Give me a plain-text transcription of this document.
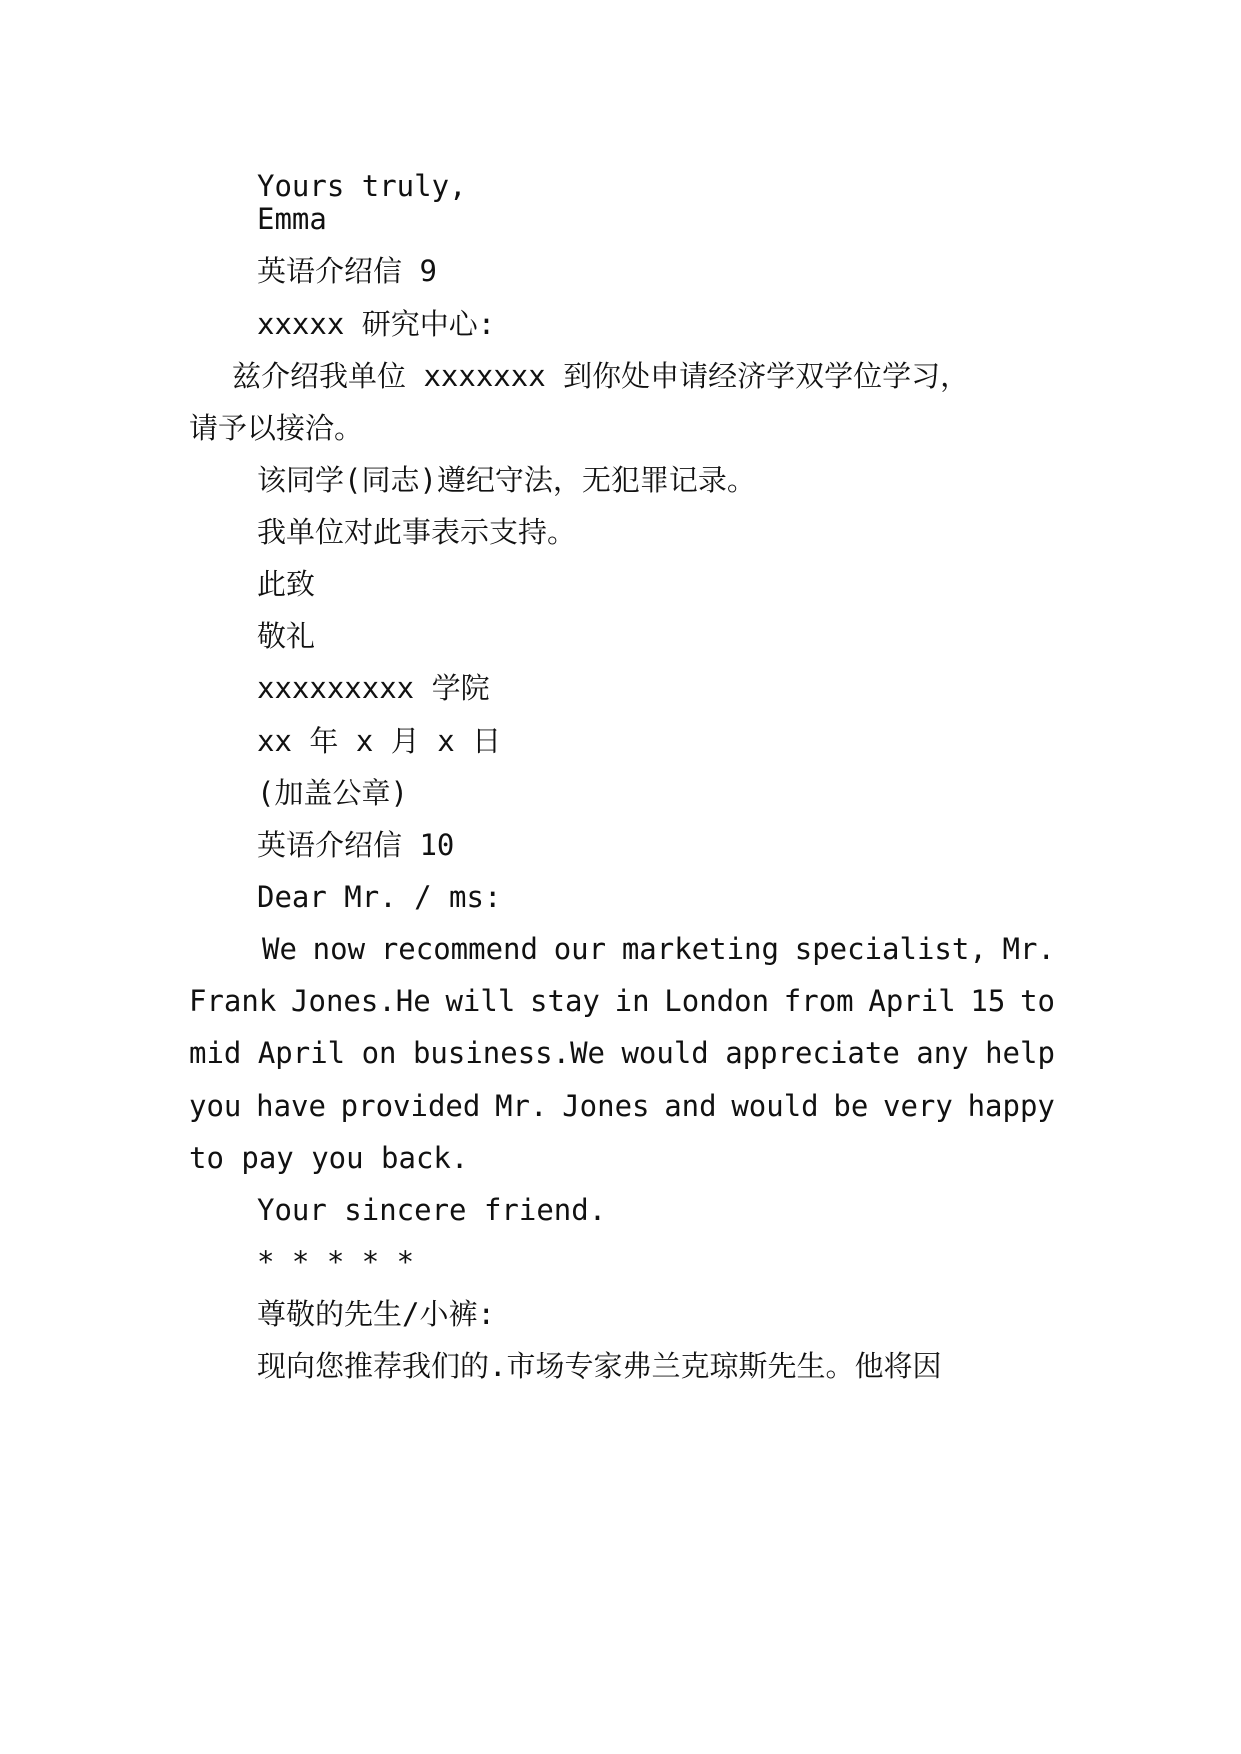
Yours truly,
Emma
英语介绍信 9
xxxxx 研究中心:
兹介绍我单位 xxxxxxx 到你处申请经济学双学位学习，
请予以接洽。
该同学(同志)遵纪守法，无犯罪记录。
我单位对此事表示支持。
此致
敬礼
xxxxxxxxx 学院
xx 年 x 月 x 日
(加盖公章)
英语介绍信 10
Dear Mr. / ms:
We now recommend our marketing specialist, Mr.
Frank Jones.He will stay in London from April 15 to
mid April on business.We would appreciate any help
you have provided Mr. Jones and would be very happy
to pay you back.
Your sincere friend.
* * * * *
尊敬的先生/小裤:
现向您推荐我们的.市场专家弗兰克琼斯先生。他将因
